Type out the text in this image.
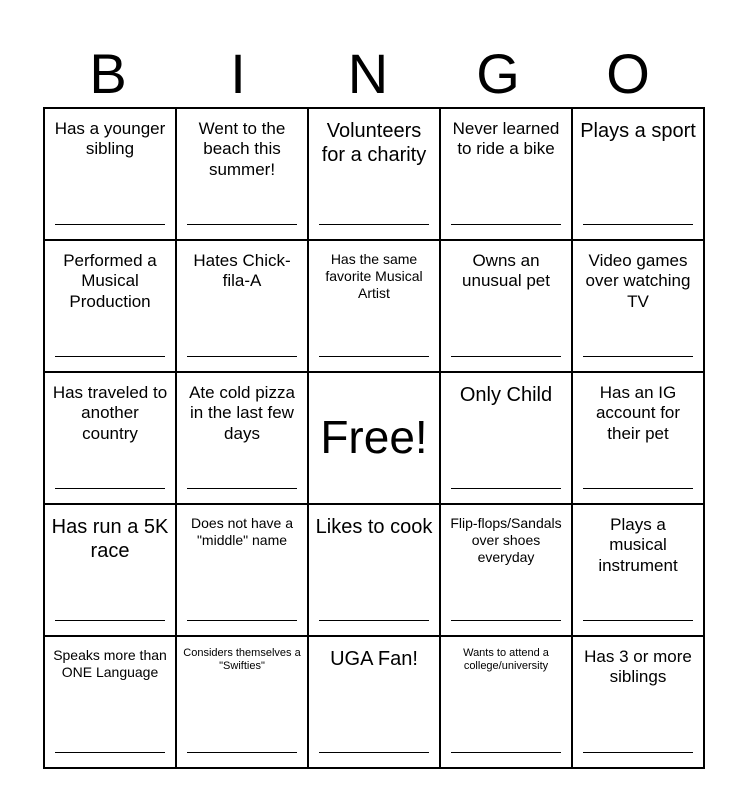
B	I	N	G	O
Has a younger sibling	Went to the beach this summer!	Volunteers for a charity	Never learned to ride a bike	Plays a sport

Performed a Musical Production	Hates Chick-fila-A	Has the same favorite Musical Artist	Owns an unusual pet	Video games over watching TV

Has traveled to another country	Ate cold pizza in the last few days	Free!	Only Child	Has an IG account for their pet

Has run a 5K race	Does not have a "middle" name	Likes to cook	Flip-flops/Sandals over shoes everyday	Plays a musical instrument

Speaks more than ONE Language	Considers themselves a "Swifties"	UGA Fan!	Wants to attend a college/university	Has 3 or more siblings
